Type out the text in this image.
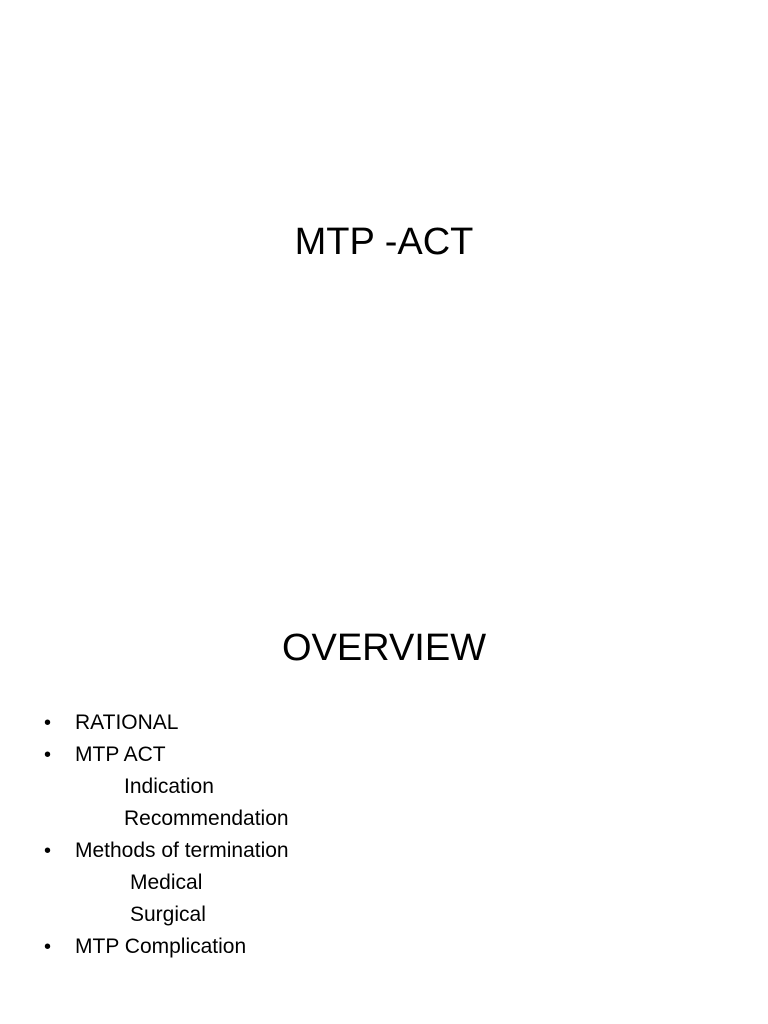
MTP -ACT
OVERVIEW
• RATIONAL
• MTP ACT
Indication
Recommendation
• Methods of termination
Medical
Surgical
• MTP Complication
